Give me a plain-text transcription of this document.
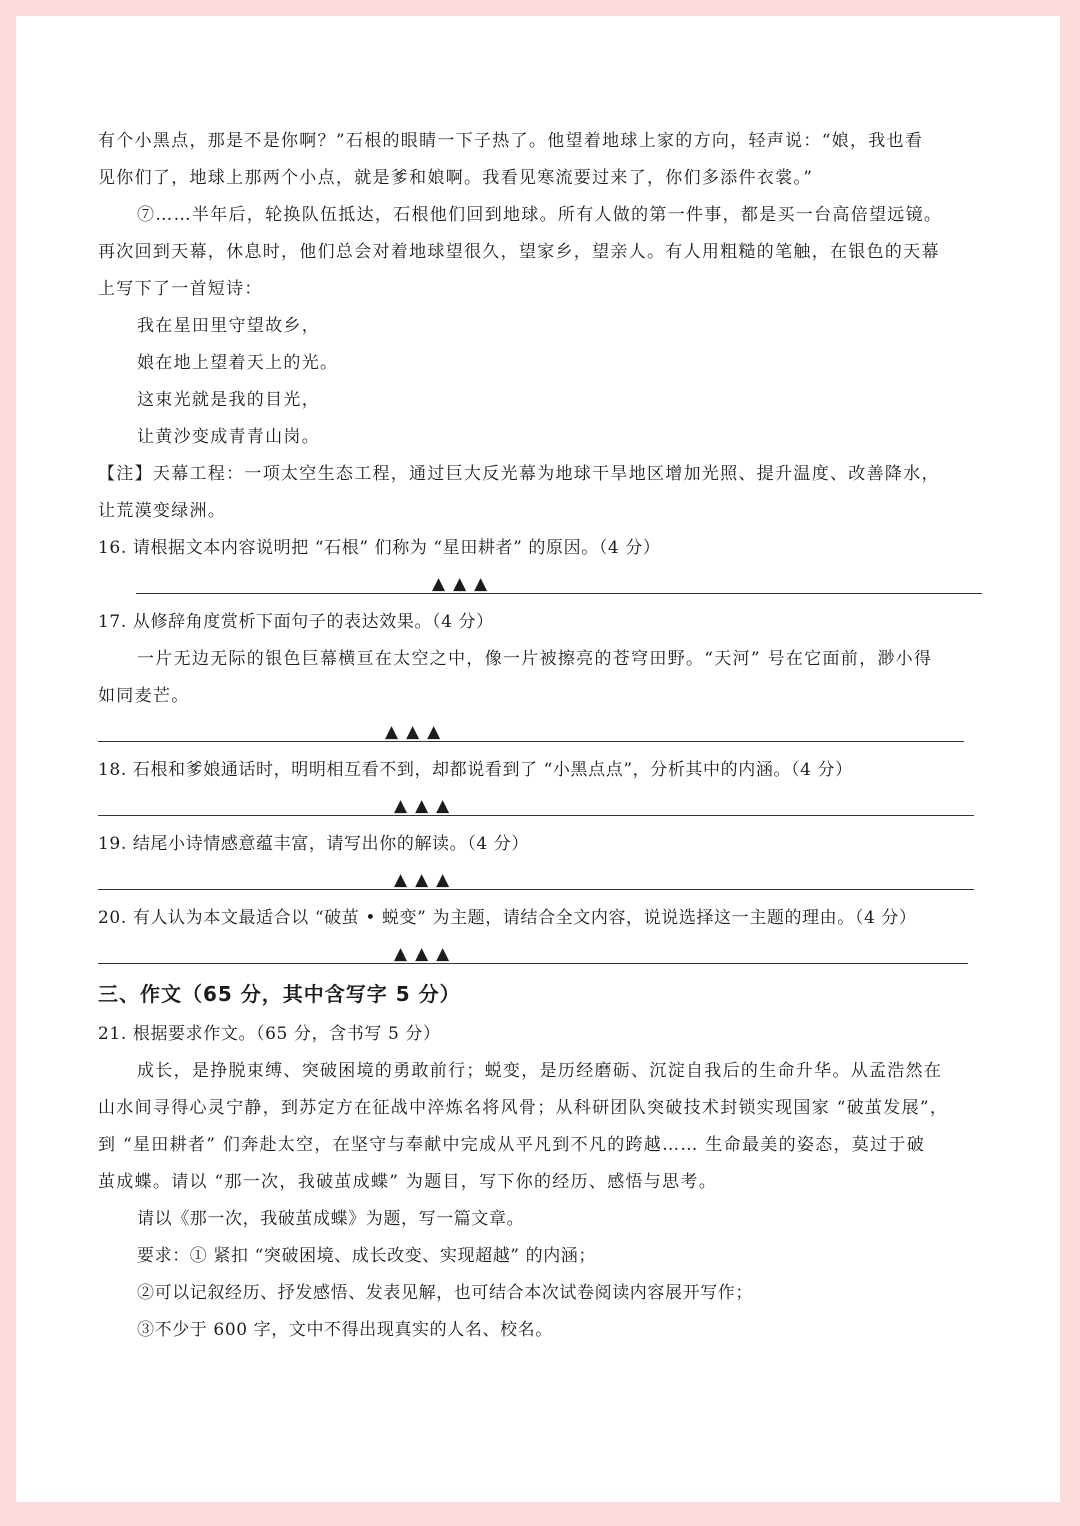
有个小黑点，那是不是你啊？”石根的眼睛一下子热了。他望着地球上家的方向，轻声说：“娘，我也看
见你们了，地球上那两个小点，就是爹和娘啊。我看见寒流要过来了，你们多添件衣裳。”
⑦……半年后，轮换队伍抵达，石根他们回到地球。所有人做的第一件事，都是买一台高倍望远镜。
再次回到天幕，休息时，他们总会对着地球望很久，望家乡，望亲人。有人用粗糙的笔触，在银色的天幕
上写下了一首短诗：
我在星田里守望故乡，
娘在地上望着天上的光。
这束光就是我的目光，
让黄沙变成青青山岗。
【注】天幕工程：一项太空生态工程，通过巨大反光幕为地球干旱地区增加光照、提升温度、改善降水，
让荒漠变绿洲。
16. 请根据文本内容说明把 “石根” 们称为 “星田耕者” 的原因。（4 分）
▲▲▲
17. 从修辞角度赏析下面句子的表达效果。（4 分）
一片无边无际的银色巨幕横亘在太空之中，像一片被擦亮的苍穹田野。“天河” 号在它面前，渺小得
如同麦芒。
▲▲▲
18. 石根和爹娘通话时，明明相互看不到，却都说看到了 “小黑点点”，分析其中的内涵。（4 分）
▲▲▲
19. 结尾小诗情感意蕴丰富，请写出你的解读。（4 分）
▲▲▲
20. 有人认为本文最适合以 “破茧 • 蜕变” 为主题，请结合全文内容，说说选择这一主题的理由。（4 分）
▲▲▲
三、作文（65 分，其中含写字 5 分）
21. 根据要求作文。（65 分，含书写 5 分）
成长，是挣脱束缚、突破困境的勇敢前行；蜕变，是历经磨砺、沉淀自我后的生命升华。从孟浩然在
山水间寻得心灵宁静，到苏定方在征战中淬炼名将风骨；从科研团队突破技术封锁实现国家 “破茧发展”，
到 “星田耕者” 们奔赴太空，在坚守与奉献中完成从平凡到不凡的跨越…… 生命最美的姿态，莫过于破
茧成蝶。请以 “那一次，我破茧成蝶” 为题目，写下你的经历、感悟与思考。
请以《那一次，我破茧成蝶》为题，写一篇文章。
要求：① 紧扣 “突破困境、成长改变、实现超越” 的内涵；
②可以记叙经历、抒发感悟、发表见解，也可结合本次试卷阅读内容展开写作；
③不少于 600 字，文中不得出现真实的人名、校名。
